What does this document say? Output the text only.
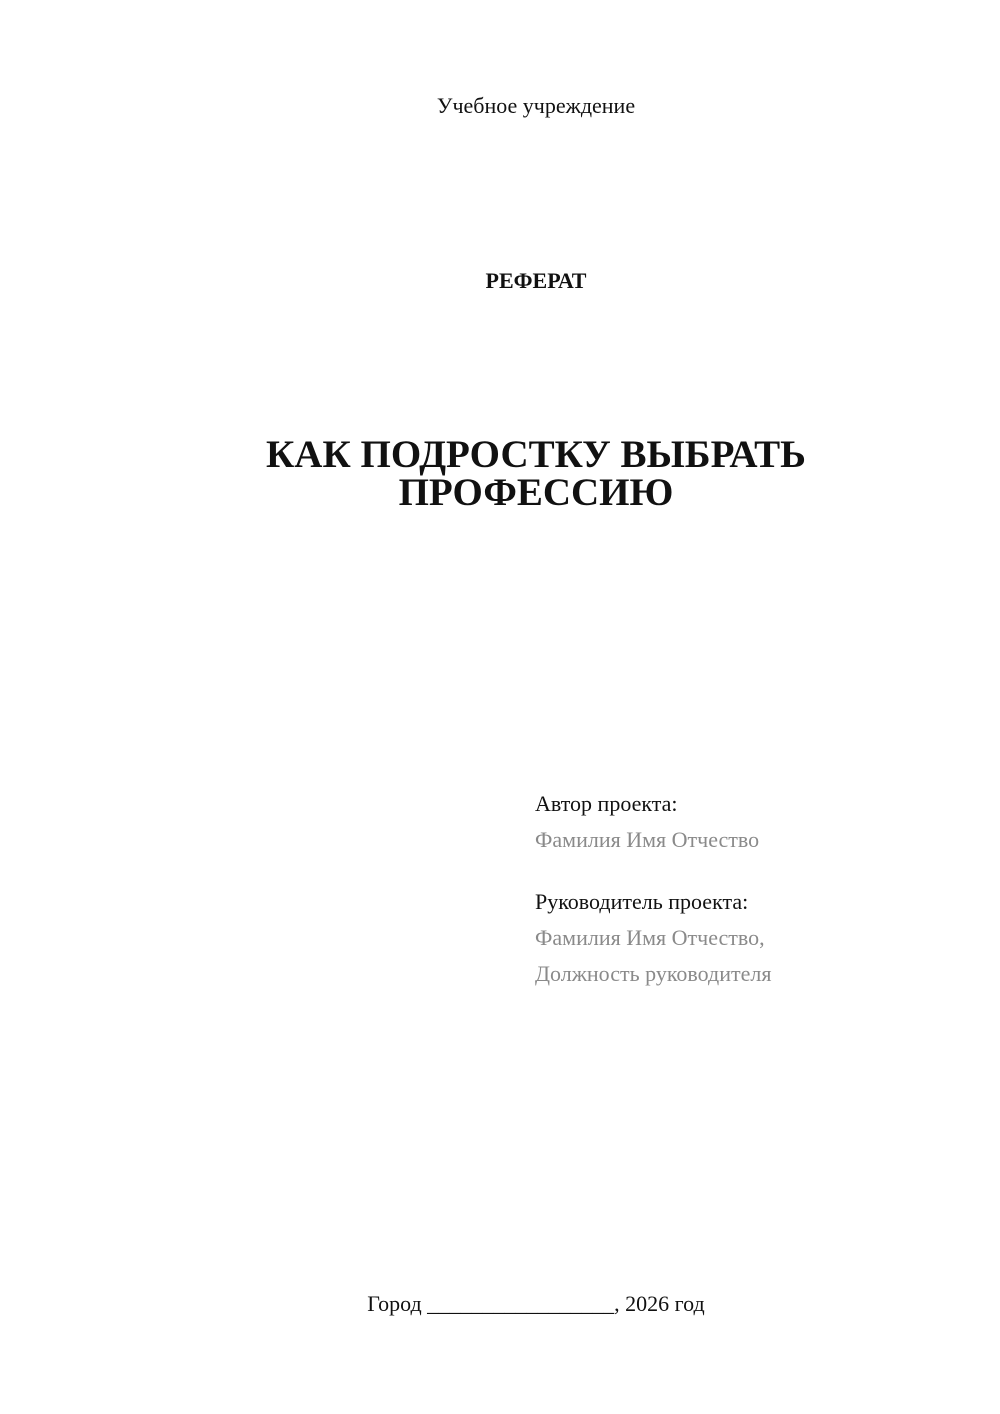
Учебное учреждение
РЕФЕРАТ
КАК ПОДРОСТКУ ВЫБРАТЬ
ПРОФЕССИЮ
Автор проекта:
Фамилия Имя Отчество
Руководитель проекта:
Фамилия Имя Отчество,
Должность руководителя
Город _________________, 2026 год
